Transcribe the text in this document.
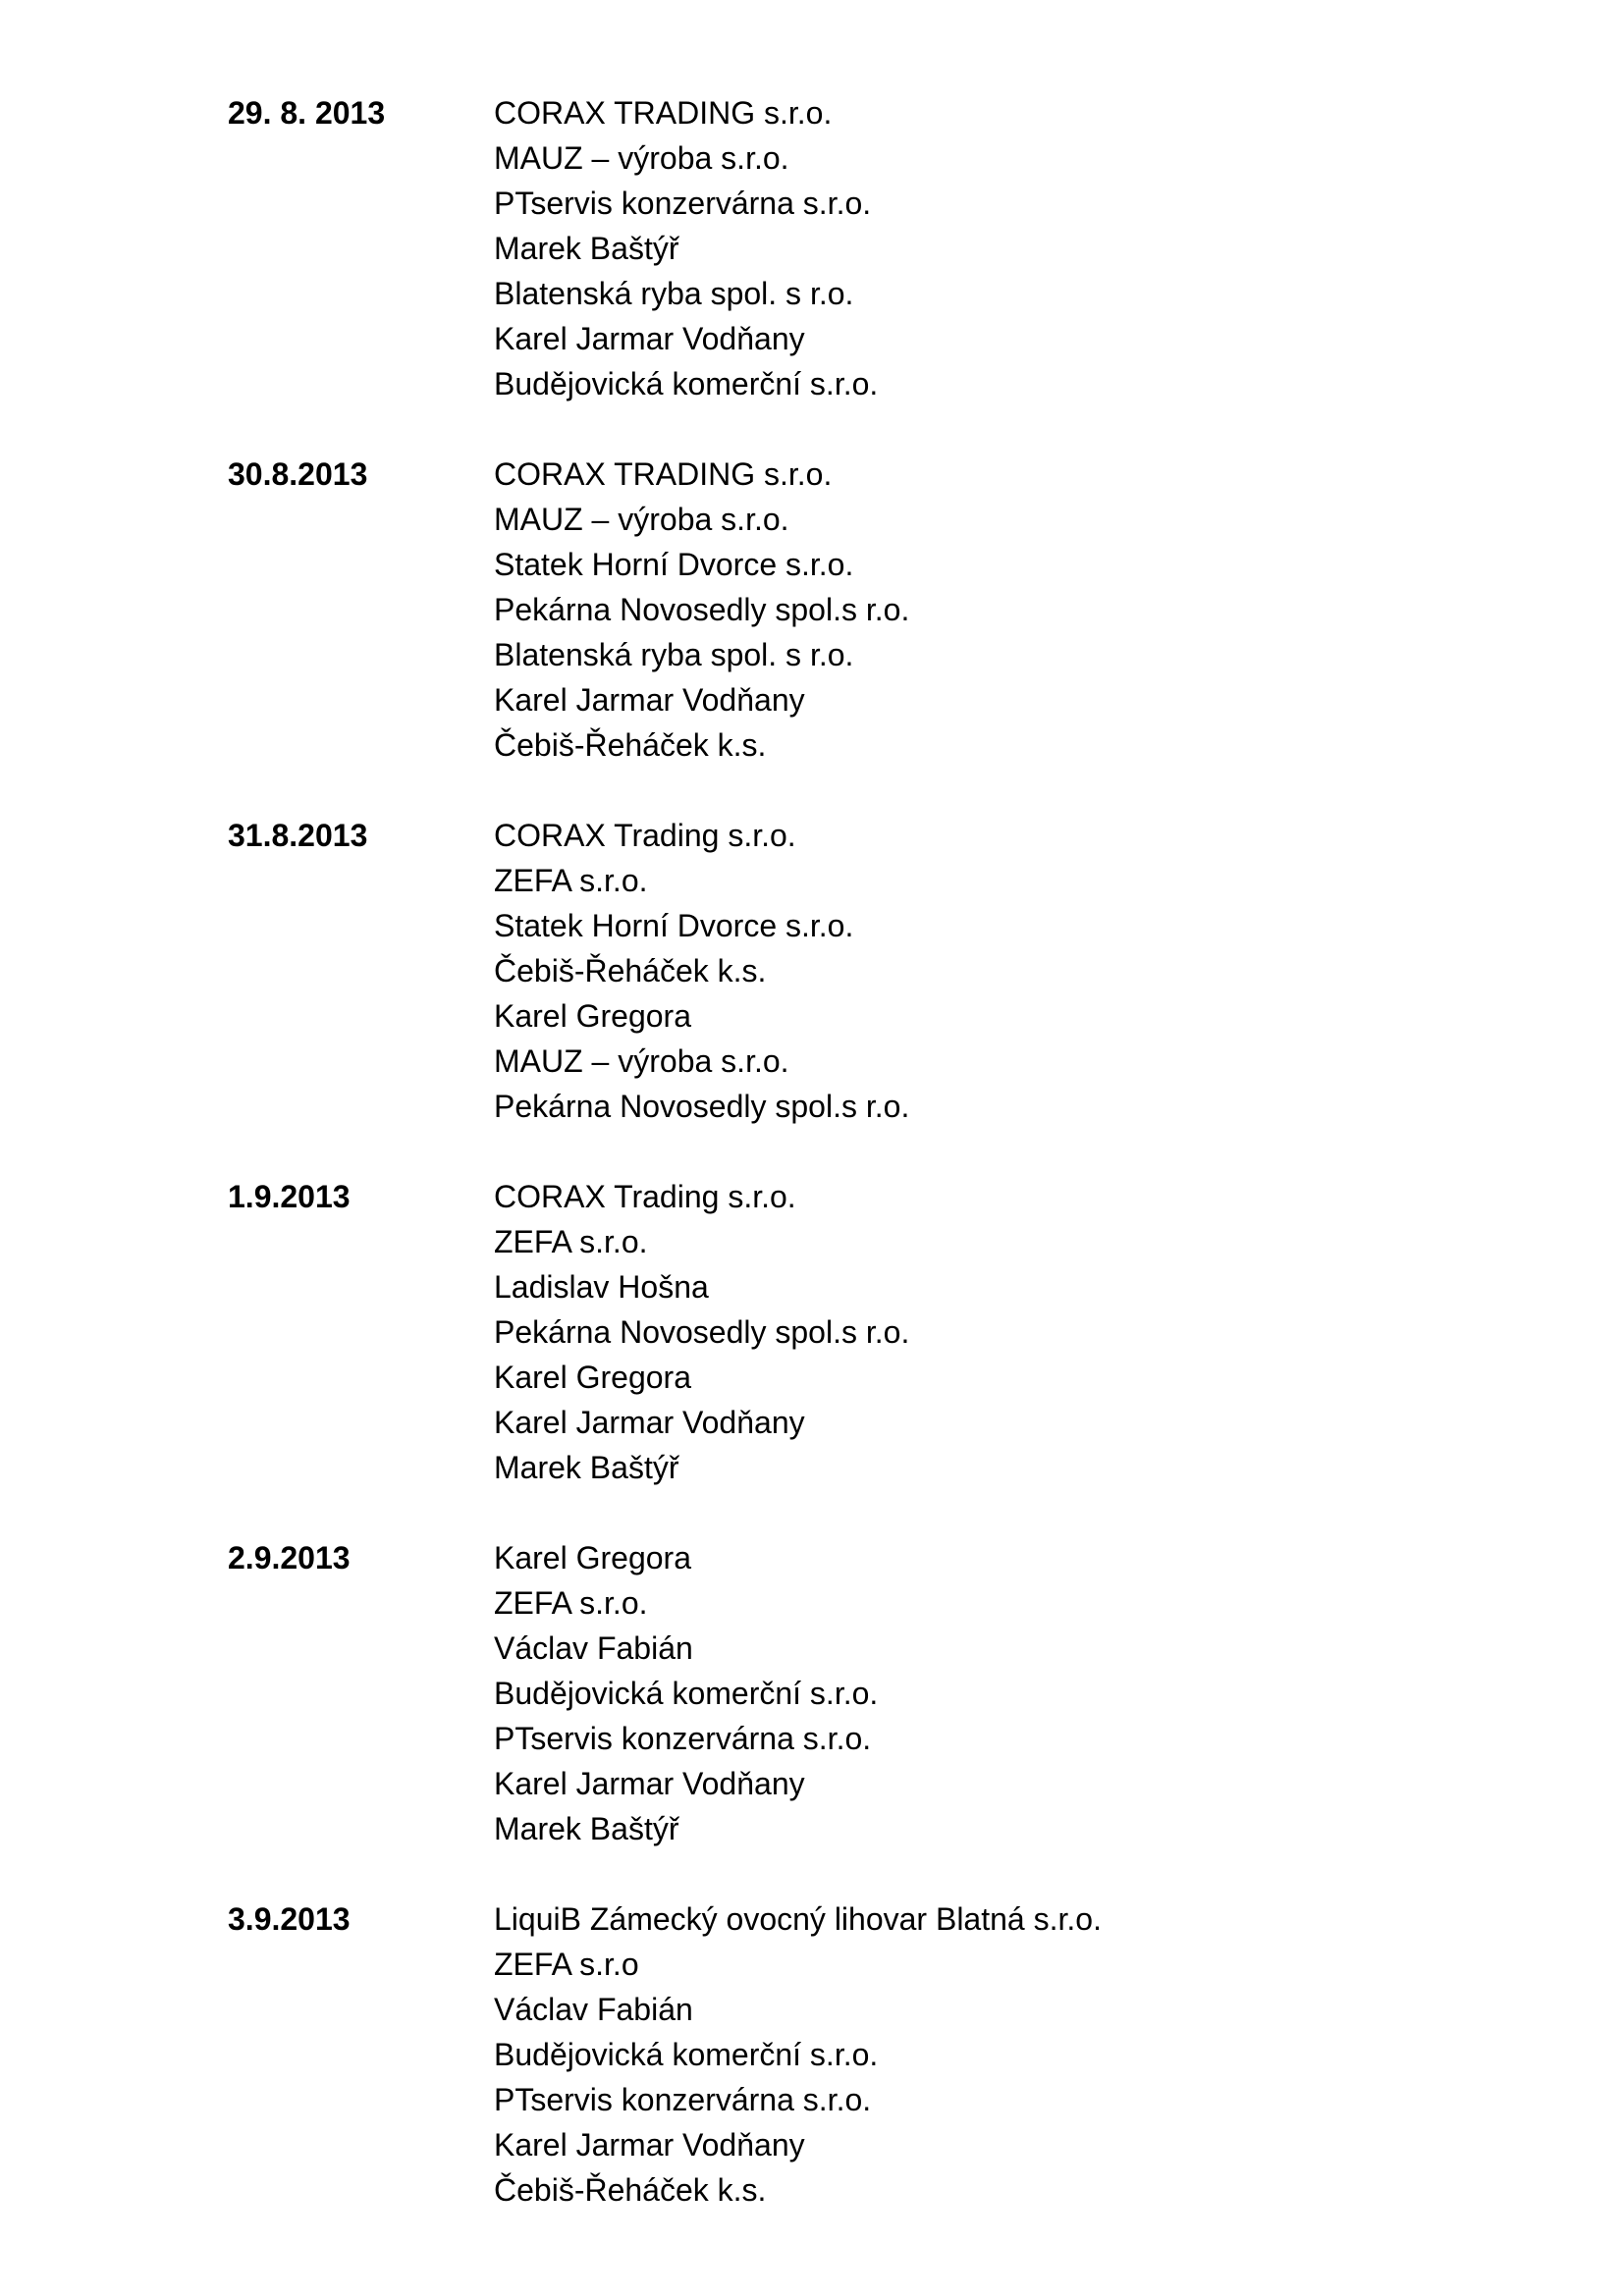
29. 8. 2013	CORAX TRADING s.r.o.
MAUZ – výroba s.r.o.
PTservis konzervárna s.r.o.
Marek Baštýř
Blatenská ryba spol. s r.o.
Karel Jarmar Vodňany
Budějovická komerční s.r.o.
30.8.2013	CORAX TRADING s.r.o.
MAUZ – výroba s.r.o.
Statek Horní Dvorce s.r.o.
Pekárna Novosedly spol.s r.o.
Blatenská ryba spol. s r.o.
Karel Jarmar Vodňany
Čebiš-Řeháček k.s.
31.8.2013	CORAX Trading s.r.o.
ZEFA s.r.o.
Statek Horní Dvorce s.r.o.
Čebiš-Řeháček k.s.
Karel Gregora
MAUZ – výroba s.r.o.
Pekárna Novosedly spol.s r.o.
1.9.2013	CORAX Trading s.r.o.
ZEFA s.r.o.
Ladislav Hošna
Pekárna Novosedly spol.s r.o.
Karel Gregora
Karel Jarmar Vodňany
Marek Baštýř
2.9.2013	Karel Gregora
ZEFA s.r.o.
Václav Fabián
Budějovická komerční s.r.o.
PTservis konzervárna s.r.o.
Karel Jarmar Vodňany
Marek Baštýř
3.9.2013	LiquiB Zámecký ovocný lihovar Blatná s.r.o.
ZEFA s.r.o
Václav Fabián
Budějovická komerční s.r.o.
PTservis konzervárna s.r.o.
Karel Jarmar Vodňany
Čebiš-Řeháček k.s.
